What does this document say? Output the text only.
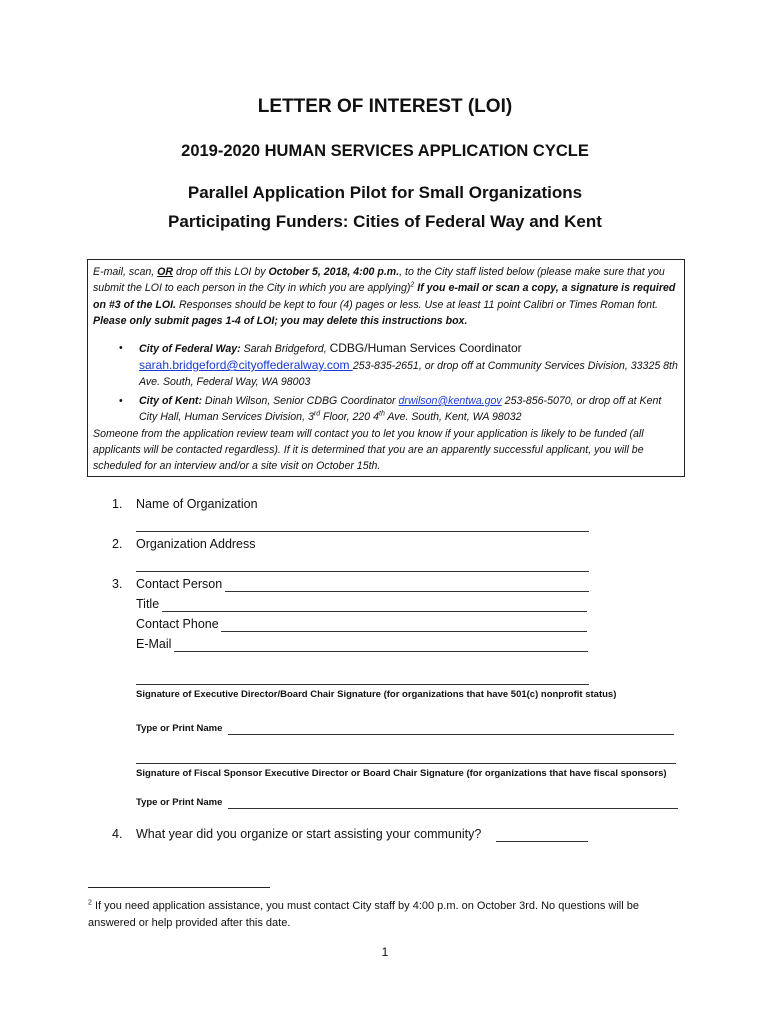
LETTER OF INTEREST (LOI)
2019-2020 HUMAN SERVICES APPLICATION CYCLE
Parallel Application Pilot for Small Organizations
Participating Funders: Cities of Federal Way and Kent

E-mail, scan, OR drop off this LOI by October 5, 2018, 4:00 p.m., to the City staff listed below (please make sure that you submit the LOI to each person in the City in which you are applying)$^2$ If you e-mail or scan a copy, a signature is required on #3 of the LOI. Responses should be kept to four (4) pages or less. Use at least 11 point Calibri or Times Roman font. Please only submit pages 1-4 of LOI; you may delete this instructions box.

• City of Federal Way: Sarah Bridgeford, CDBG/Human Services Coordinator
sarah.bridgeford@cityoffederalway.com 253-835-2651, or drop off at Community Services Division, 33325 8th Ave. South, Federal Way, WA 98003
• City of Kent: Dinah Wilson, Senior CDBG Coordinator drwilson@kentwa.gov 253-856-5070, or drop off at Kent City Hall, Human Services Division, 3rd Floor, 220 4th Ave. South, Kent, WA 98032

Someone from the application review team will contact you to let you know if your application is likely to be funded (all applicants will be contacted regardless). If it is determined that you are an apparently successful applicant, you will be scheduled for an interview and/or a site visit on October 15th.

1. Name of Organization
2. Organization Address
3. Contact Person
Title
Contact Phone
E-Mail
Signature of Executive Director/Board Chair Signature (for organizations that have 501(c) nonprofit status)
Type or Print Name
Signature of Fiscal Sponsor Executive Director or Board Chair Signature (for organizations that have fiscal sponsors)
Type or Print Name
4. What year did you organize or start assisting your community?
$^2$ If you need application assistance, you must contact City staff by 4:00 p.m. on October 3rd. No questions will be answered or help provided after this date.
1
